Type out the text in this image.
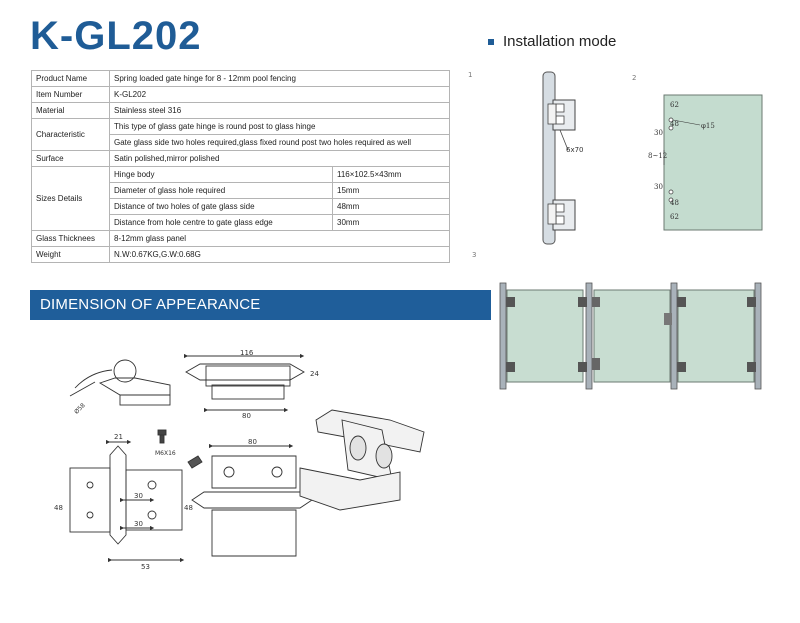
K-GL202	Installation mode
Product Name	Spring loaded gate hinge for 8 - 12mm pool fencing	
Item Number	K-GL202	
Material	Stainless steel 316	
Characteristic	This type of glass gate hinge is round post to glass hinge	
	Gate glass side two holes required,glass fixed round post two holes required as well	
Surface	Satin polished,mirror polished	
Sizes Details	Hinge body	116×102.5×43mm
	Diameter of glass hole required	15mm
	Distance of two holes of gate glass side	48mm
	Distance from hole centre to gate glass edge	30mm
Glass Thicknees	8-12mm glass panel	
Weight	N.W:0.67KG,G.W:0.68G	
DIMENSION OF APPEARANCE
1
6x70
2
62
48
30
φ15
8~12
30
48
62
3
Ø58
116
24
80
21
48
30
30
48
53
M6X16
80
